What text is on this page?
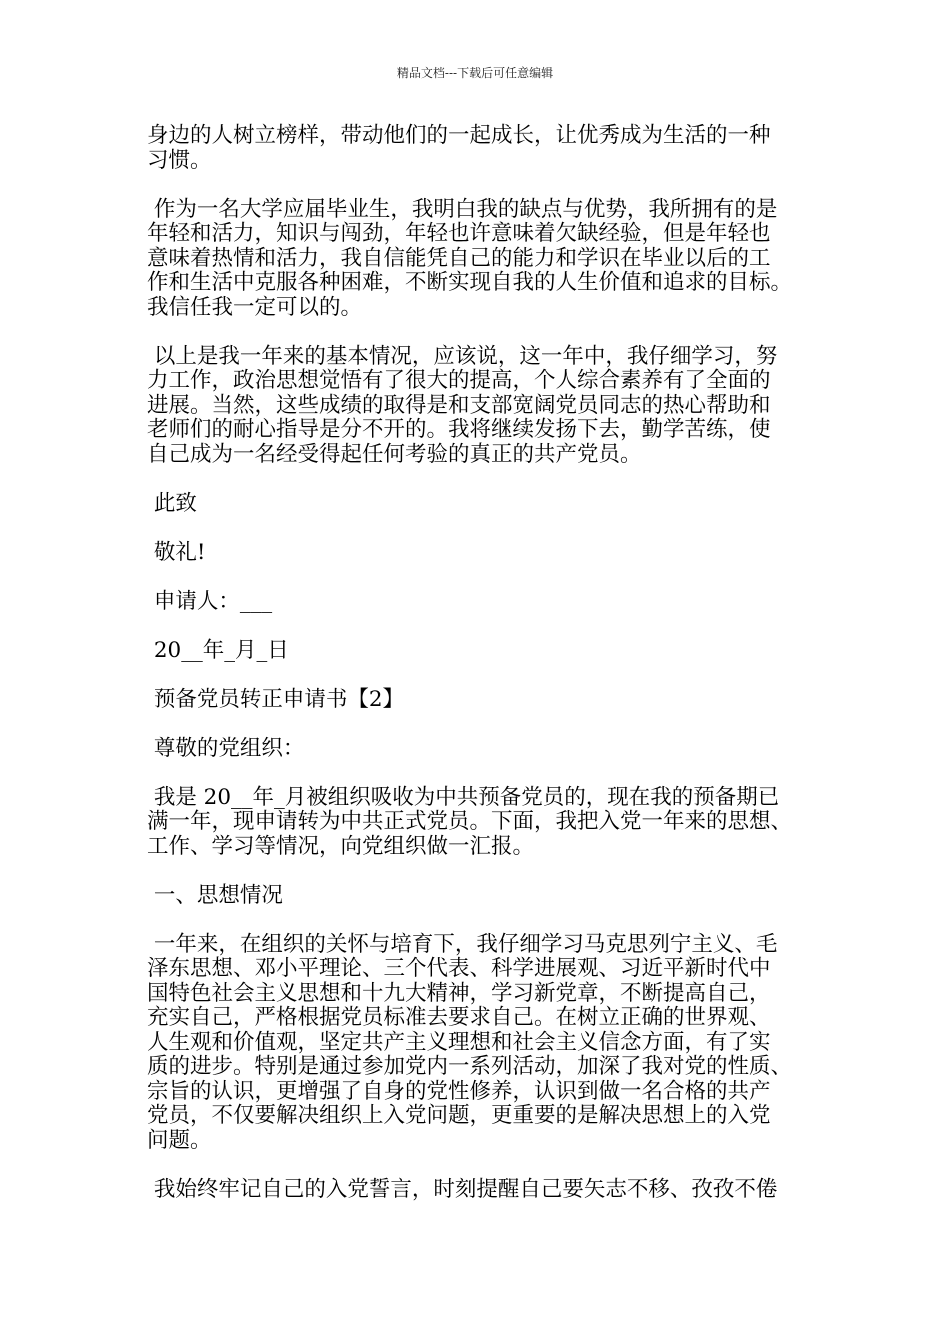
精品文档---下载后可任意编辑
身边的人树立榜样，带动他们的一起成长，让优秀成为生活的一种
习惯。
作为一名大学应届毕业生，我明白我的缺点与优势，我所拥有的是
年轻和活力，知识与闯劲，年轻也许意味着欠缺经验，但是年轻也
意味着热情和活力，我自信能凭自己的能力和学识在毕业以后的工
作和生活中克服各种困难，不断实现自我的人生价值和追求的目标。
我信任我一定可以的。
以上是我一年来的基本情况，应该说，这一年中，我仔细学习，努
力工作，政治思想觉悟有了很大的提高，个人综合素养有了全面的
进展。当然，这些成绩的取得是和支部宽阔党员同志的热心帮助和
老师们的耐心指导是分不开的。我将继续发扬下去，勤学苦练，使
自己成为一名经受得起任何考验的真正的共产党员。
此致
敬礼!
申请人：___
20__年_月_日
预备党员转正申请书【2】
尊敬的党组织：
我是 20__年_月被组织吸收为中共预备党员的，现在我的预备期已
满一年，现申请转为中共正式党员。下面，我把入党一年来的思想、
工作、学习等情况，向党组织做一汇报。
一、思想情况
一年来，在组织的关怀与培育下，我仔细学习马克思列宁主义、毛
泽东思想、邓小平理论、三个代表、科学进展观、习近平新时代中
国特色社会主义思想和十九大精神，学习新党章，不断提高自己，
充实自己，严格根据党员标准去要求自己。在树立正确的世界观、
人生观和价值观，坚定共产主义理想和社会主义信念方面，有了实
质的进步。特别是通过参加党内一系列活动，加深了我对党的性质、
宗旨的认识，更增强了自身的党性修养，认识到做一名合格的共产
党员，不仅要解决组织上入党问题，更重要的是解决思想上的入党
问题。
我始终牢记自己的入党誓言，时刻提醒自己要矢志不移、孜孜不倦
